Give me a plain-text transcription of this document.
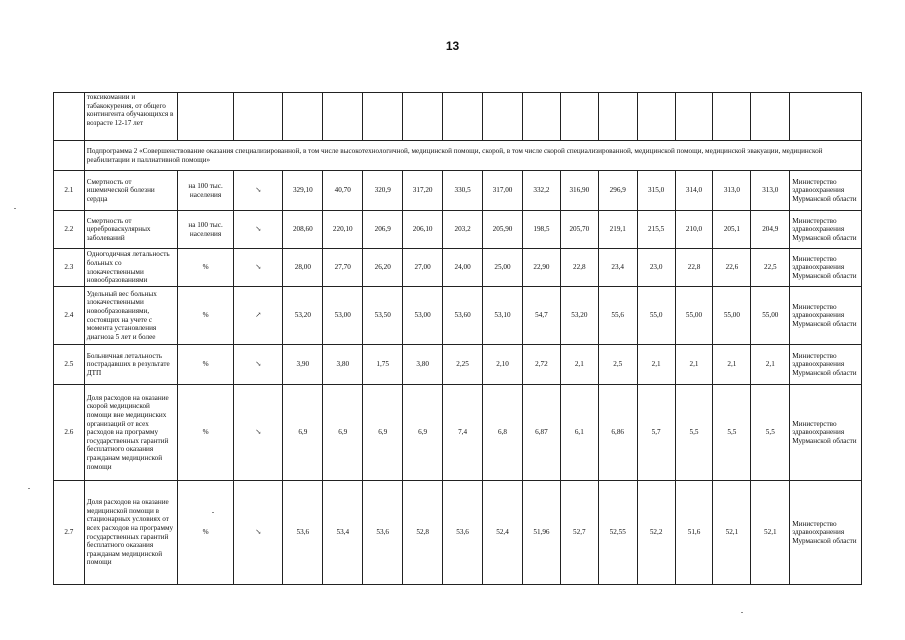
13
	токсикомании и табакокурения, от общего контингента обучающихся в возрасте 12-17 лет																
	Подпрограмма 2 «Совершенствование оказания специализированной, в том числе высокотехнологичной, медицинской помощи, скорой, в том числе скорой специализированной, медицинской помощи, медицинской эвакуации, медицинской реабилитации и паллиативной помощи»																
2.1	Смертность от ишемической болезни сердца	на 100 тыс. населения	↘	329,10	40,70	320,9	317,20	330,5	317,00	332,2	316,90	296,9	315,0	314,0	313,0	313,0	Министерство здравоохранения Мурманской области
2.2	Смертность от цереброваскулярных заболеваний	на 100 тыс. населения	↘	208,60	220,10	206,9	206,10	203,2	205,90	198,5	205,70	219,1	215,5	210,0	205,1	204,9	Министерство здравоохранения Мурманской области
2.3	Одногодичная летальность больных со злокачественными новообразованиями	%	↘	28,00	27,70	26,20	27,00	24,00	25,00	22,90	22,8	23,4	23,0	22,8	22,6	22,5	Министерство здравоохранения Мурманской области
2.4	Удельный вес больных злокачественными новообразованиями, состоящих на учете с момента установления диагноза 5 лет и более	%	↗	53,20	53,00	53,50	53,00	53,60	53,10	54,7	53,20	55,6	55,0	55,00	55,00	55,00	Министерство здравоохранения Мурманской области
2.5	Больничная летальность пострадавших в результате ДТП	%	↘	3,90	3,80	1,75	3,80	2,25	2,10	2,72	2,1	2,5	2,1	2,1	2,1	2,1	Министерство здравоохранения Мурманской области
2.6	Доля расходов на оказание скорой медицинской помощи вне медицинских организаций от всех расходов на программу государственных гарантий бесплатного оказания гражданам медицинской помощи	%	↘	6,9	6,9	6,9	6,9	7,4	6,8	6,87	6,1	6,86	5,7	5,5	5,5	5,5	Министерство здравоохранения Мурманской области
2.7	Доля расходов на оказание медицинской помощи в стационарных условиях от всех расходов на программу государственных гарантий бесплатного оказания гражданам медицинской помощи	%	↘	53,6	53,4	53,6	52,8	53,6	52,4	51,96	52,7	52,55	52,2	51,6	52,1	52,1	Министерство здравоохранения Мурманской области
